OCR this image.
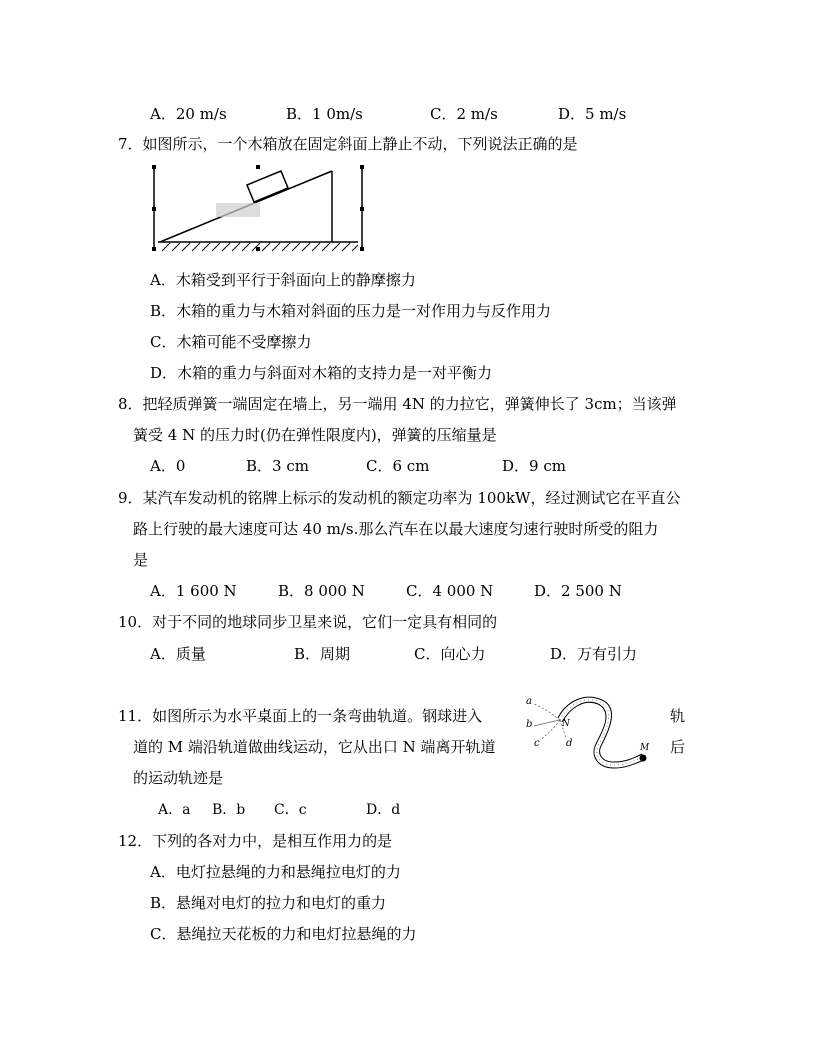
A．20 m/s	B．1 0m/s	C．2 m/s	D．5 m/s
7．如图所示，一个木箱放在固定斜面上静止不动，下列说法正确的是
A．木箱受到平行于斜面向上的静摩擦力
B．木箱的重力与木箱对斜面的压力是一对作用力与反作用力
C．木箱可能不受摩擦力
D．木箱的重力与斜面对木箱的支持力是一对平衡力
8．把轻质弹簧一端固定在墙上，另一端用 4N 的力拉它，弹簧伸长了 3cm；当该弹
簧受 4 N 的压力时(仍在弹性限度内)，弹簧的压缩量是
A．0	B．3 cm	C．6 cm	D．9 cm
9．某汽车发动机的铭牌上标示的发动机的额定功率为 100kW，经过测试它在平直公
路上行驶的最大速度可达 40 m/s.那么汽车在以最大速度匀速行驶时所受的阻力
是
A．1 600 N	B．8 000 N	C．4 000 N	D．2 500 N
10．对于不同的地球同步卫星来说，它们一定具有相同的
A．质量	B．周期	C．向心力	D．万有引力
11．如图所示为水平桌面上的一条弯曲轨道。钢球进入	轨
道的 M 端沿轨道做曲线运动，它从出口 N 端离开轨道	后
的运动轨迹是
a
b
c	d
N
M
A．a B．b C．c	D．d
12．下列的各对力中，是相互作用力的是
A．电灯拉悬绳的力和悬绳拉电灯的力
B．悬绳对电灯的拉力和电灯的重力
C．悬绳拉天花板的力和电灯拉悬绳的力
